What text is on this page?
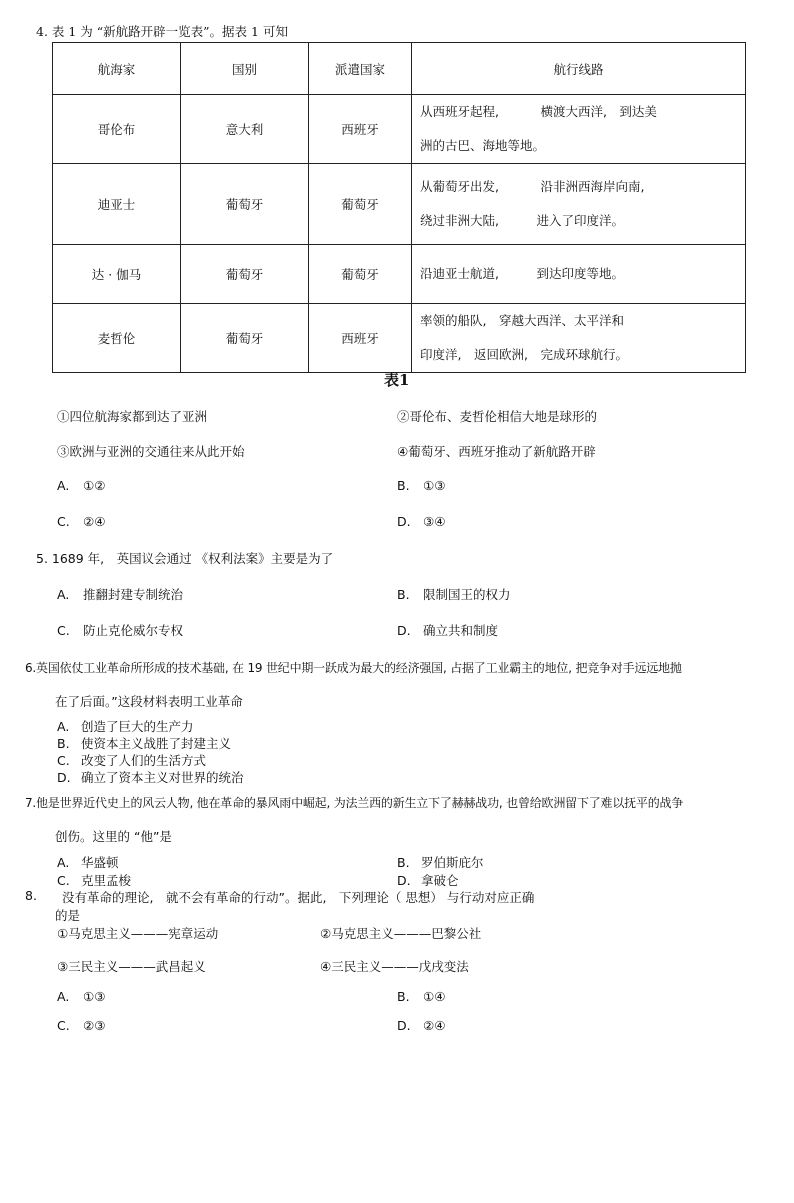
4. 表 1 为 “新航路开辟一览表”。据表 1 可知
航海家	国别	派遣国家	航行线路
哥伦布	意大利	西班牙	从西班牙起程,　　　 横渡大西洋,　到达美
洲的古巴、海地等地。

迪亚士	葡萄牙	葡萄牙	从葡萄牙出发,　　　 沿非洲西海岸向南,
绕过非洲大陆,　　　进入了印度洋。

达 · 伽马	葡萄牙	葡萄牙	沿迪亚士航道,　　　到达印度等地。

麦哲伦	葡萄牙	西班牙	率领的船队,　穿越大西洋、太平洋和
印度洋,　返回欧洲,　完成环球航行。
表1
①四位航海家都到达了亚洲	②哥伦布、麦哲伦相信大地是球形的
③欧洲与亚洲的交通往来从此开始	④葡萄牙、西班牙推动了新航路开辟
A. ①②	B. ①③
C. ②④	D. ③④
5. 1689 年,　英国议会通过 《权利法案》主要是为了
A. 推翻封建专制统治	B. 限制国王的权力
C. 防止克伦威尔专权	D. 确立共和制度
6.英国依仗工业革命所形成的技术基础, 在 19 世纪中期一跃成为最大的经济强国, 占据了工业霸主的地位, 把竞争对手远远地抛
在了后面。”这段材料表明工业革命
A. 创造了巨大的生产力
B. 使资本主义战胜了封建主义
C. 改变了人们的生活方式
D. 确立了资本主义对世界的统治
7.他是世界近代史上的风云人物, 他在革命的暴风雨中崛起, 为法兰西的新生立下了赫赫战功, 也曾给欧洲留下了难以抚平的战争
创伤。这里的 “他”是
A. 华盛顿	B. 罗伯斯庇尔
C. 克里孟梭	D. 拿破仑
8. 没有革命的理论,　就不会有革命的行动”。据此,　下列理论（ 思想） 与行动对应正确
的是
①马克思主义———宪章运动	②马克思主义———巴黎公社
③三民主义———武昌起义	④三民主义———戊戌变法
A. ①③	B. ①④
C. ②③	D. ②④
